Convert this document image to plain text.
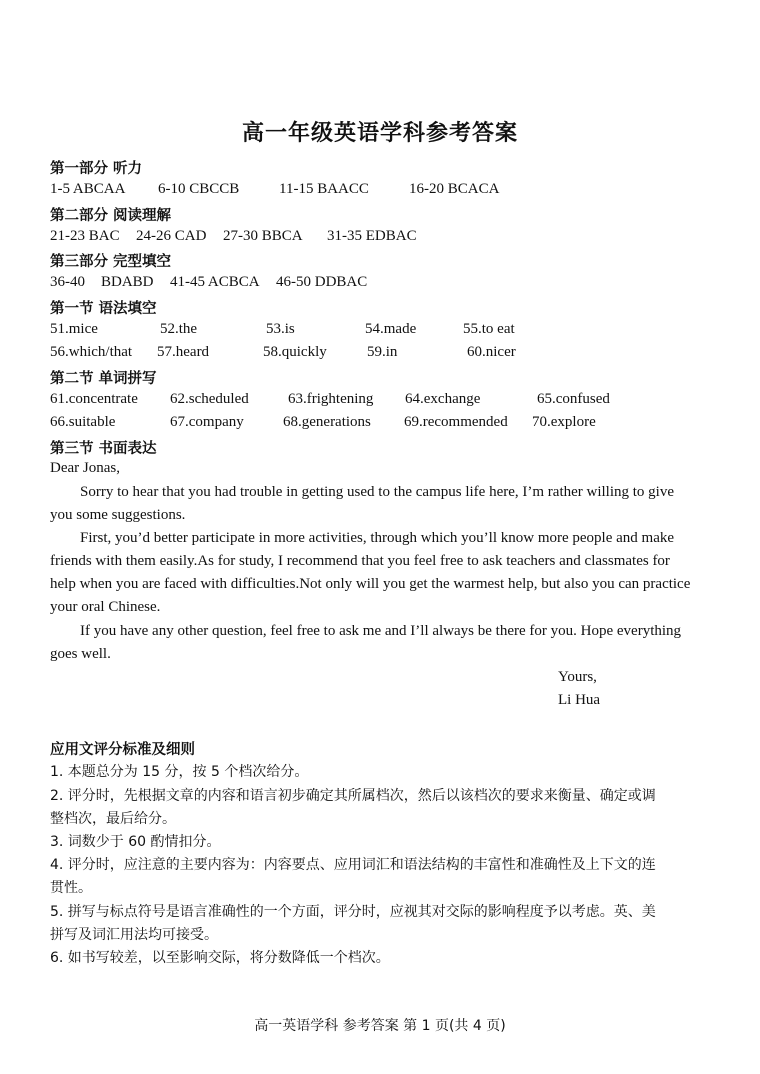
高一年级英语学科参考答案
第一部分 听力
1-5 ABCAA 6-10 CBCCB	11-15 BAACC	16-20 BCACA
第二部分 阅读理解
21-23 BAC 24-26 CAD 27-30 BBCA 31-35 EDBAC
第三部分 完型填空
36-40 BDABD 41-45 ACBCA 46-50 DDBAC
第一节 语法填空
51.mice	52.the	53.is	54.made	55.to eat
56.which/that 57.heard	58.quickly	59.in	60.nicer
第二节 单词拼写
61.concentrate 62.scheduled	63.frightening 64.exchange	65.confused
66.suitable	67.company	68.generations 69.recommended 70.explore
第三节 书面表达
Dear Jonas,
Sorry to hear that you had trouble in getting used to the campus life here, I’m rather willing to give
you some suggestions.
First, you’d better participate in more activities, through which you’ll know more people and make
friends with them easily.As for study, I recommend that you feel free to ask teachers and classmates for
help when you are faced with difficulties.Not only will you get the warmest help, but also you can practice
your oral Chinese.
If you have any other question, feel free to ask me and I’ll always be there for you. Hope everything
goes well.
Yours,
Li Hua
应用文评分标准及细则
1. 本题总分为 15 分，按 5 个档次给分。
2. 评分时，先根据文章的内容和语言初步确定其所属档次，然后以该档次的要求来衡量、确定或调
整档次，最后给分。
3. 词数少于 60 酌情扣分。
4. 评分时，应注意的主要内容为：内容要点、应用词汇和语法结构的丰富性和准确性及上下文的连
贯性。
5. 拼写与标点符号是语言准确性的一个方面，评分时，应视其对交际的影响程度予以考虑。英、美
拼写及词汇用法均可接受。
6. 如书写较差，以至影响交际，将分数降低一个档次。
高一英语学科 参考答案 第 1 页(共 4 页)
